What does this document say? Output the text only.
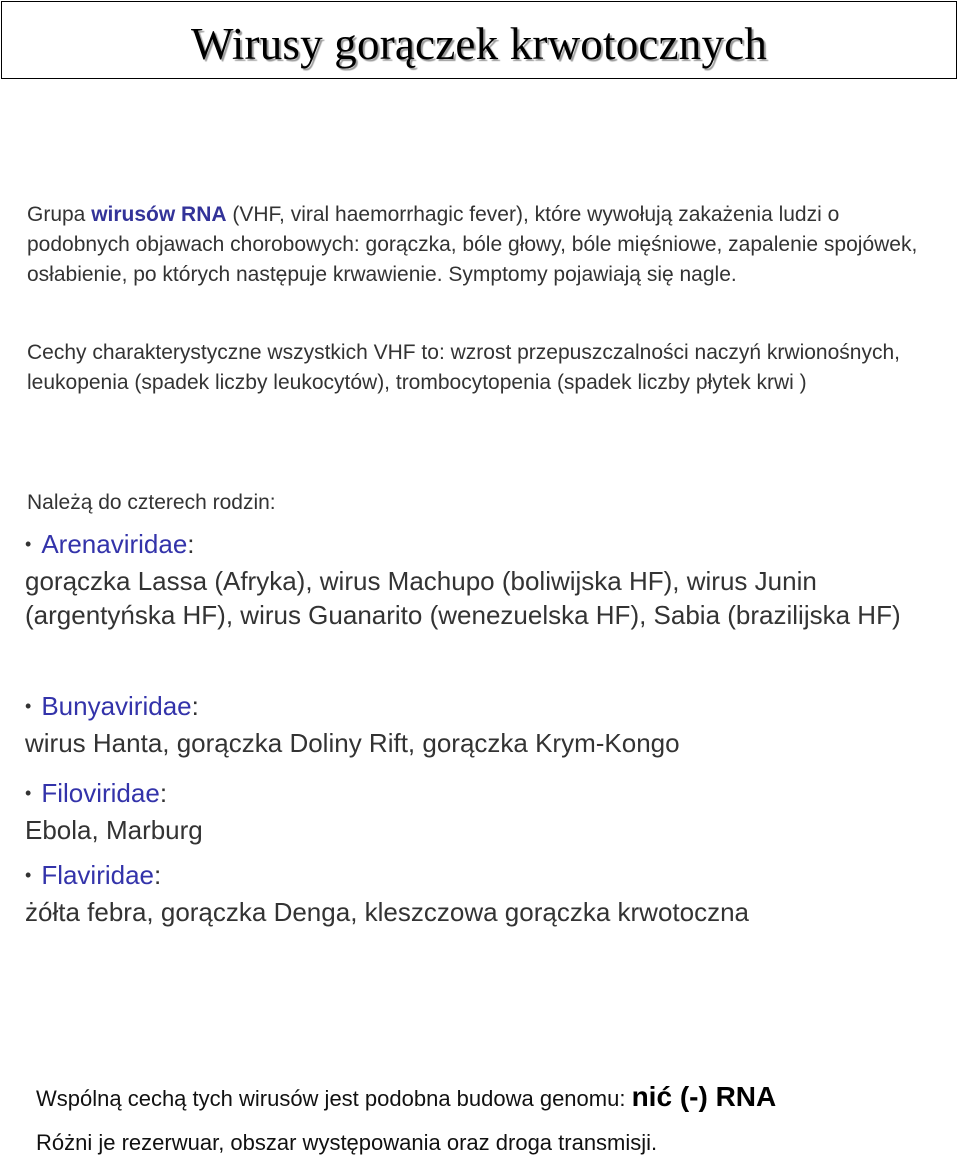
Wirusy gorączek krwotocznych
Grupa wirusów RNA (VHF, viral haemorrhagic fever), które wywołują zakażenia ludzi o podobnych objawach chorobowych: gorączka, bóle głowy, bóle mięśniowe, zapalenie spojówek, osłabienie, po których następuje krwawienie. Symptomy pojawiają się nagle.
Cechy charakterystyczne wszystkich VHF to: wzrost przepuszczalności naczyń krwionośnych, leukopenia (spadek liczby leukocytów), trombocytopenia (spadek liczby płytek krwi )
Należą do czterech rodzin:
• Arenaviridae:
gorączka Lassa (Afryka), wirus Machupo (boliwijska HF), wirus Junin (argentyńska HF), wirus Guanarito (wenezuelska HF), Sabia (brazilijska HF)
• Bunyaviridae:
wirus Hanta, gorączka Doliny Rift, gorączka Krym-Kongo
• Filoviridae:
Ebola, Marburg
• Flaviridae:
żółta febra, gorączka Denga, kleszczowa gorączka krwotoczna
Wspólną cechą tych wirusów jest podobna budowa genomu: nić (-) RNA
Różni je rezerwuar, obszar występowania oraz droga transmisji.
